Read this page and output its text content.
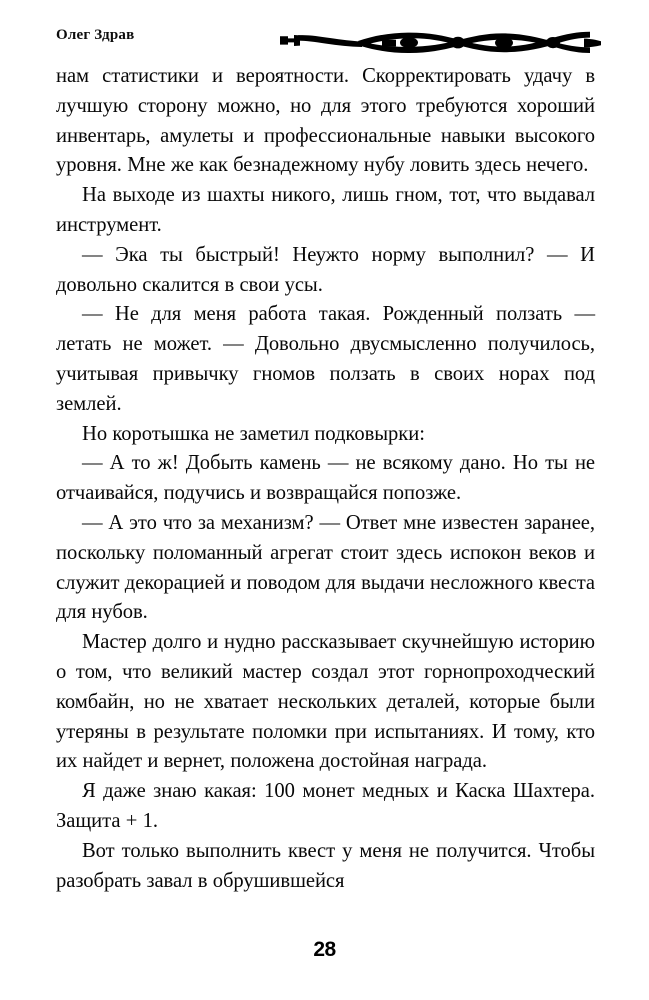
Олег Здрав

нам статистики и вероятности. Скорректировать удачу в лучшую сторону можно, но для этого требуются хороший инвентарь, амулеты и профессиональные навыки высокого уровня. Мне же как безнадежному нубу ловить здесь нечего.

На выходе из шахты никого, лишь гном, тот, что выдавал инструмент.

— Эка ты быстрый! Неужто норму выполнил? — И довольно скалится в свои усы.

— Не для меня работа такая. Рожденный ползать — летать не может. — Довольно двусмысленно получилось, учитывая привычку гномов ползать в своих норах под землей.

Но коротышка не заметил подковырки:

— А то ж! Добыть камень — не всякому дано. Но ты не отчаивайся, подучись и возвращайся попозже.

— А это что за механизм? — Ответ мне известен заранее, поскольку поломанный агрегат стоит здесь испокон веков и служит декорацией и поводом для выдачи несложного квеста для нубов.

Мастер долго и нудно рассказывает скучнейшую историю о том, что великий мастер создал этот горнопроходческий комбайн, но не хватает нескольких деталей, которые были утеряны в результате поломки при испытаниях. И тому, кто их найдет и вернет, положена достойная награда.

Я даже знаю какая: 100 монет медных и Каска Шахтера. Защита + 1.

Вот только выполнить квест у меня не получится. Чтобы разобрать завал в обрушившейся

28
